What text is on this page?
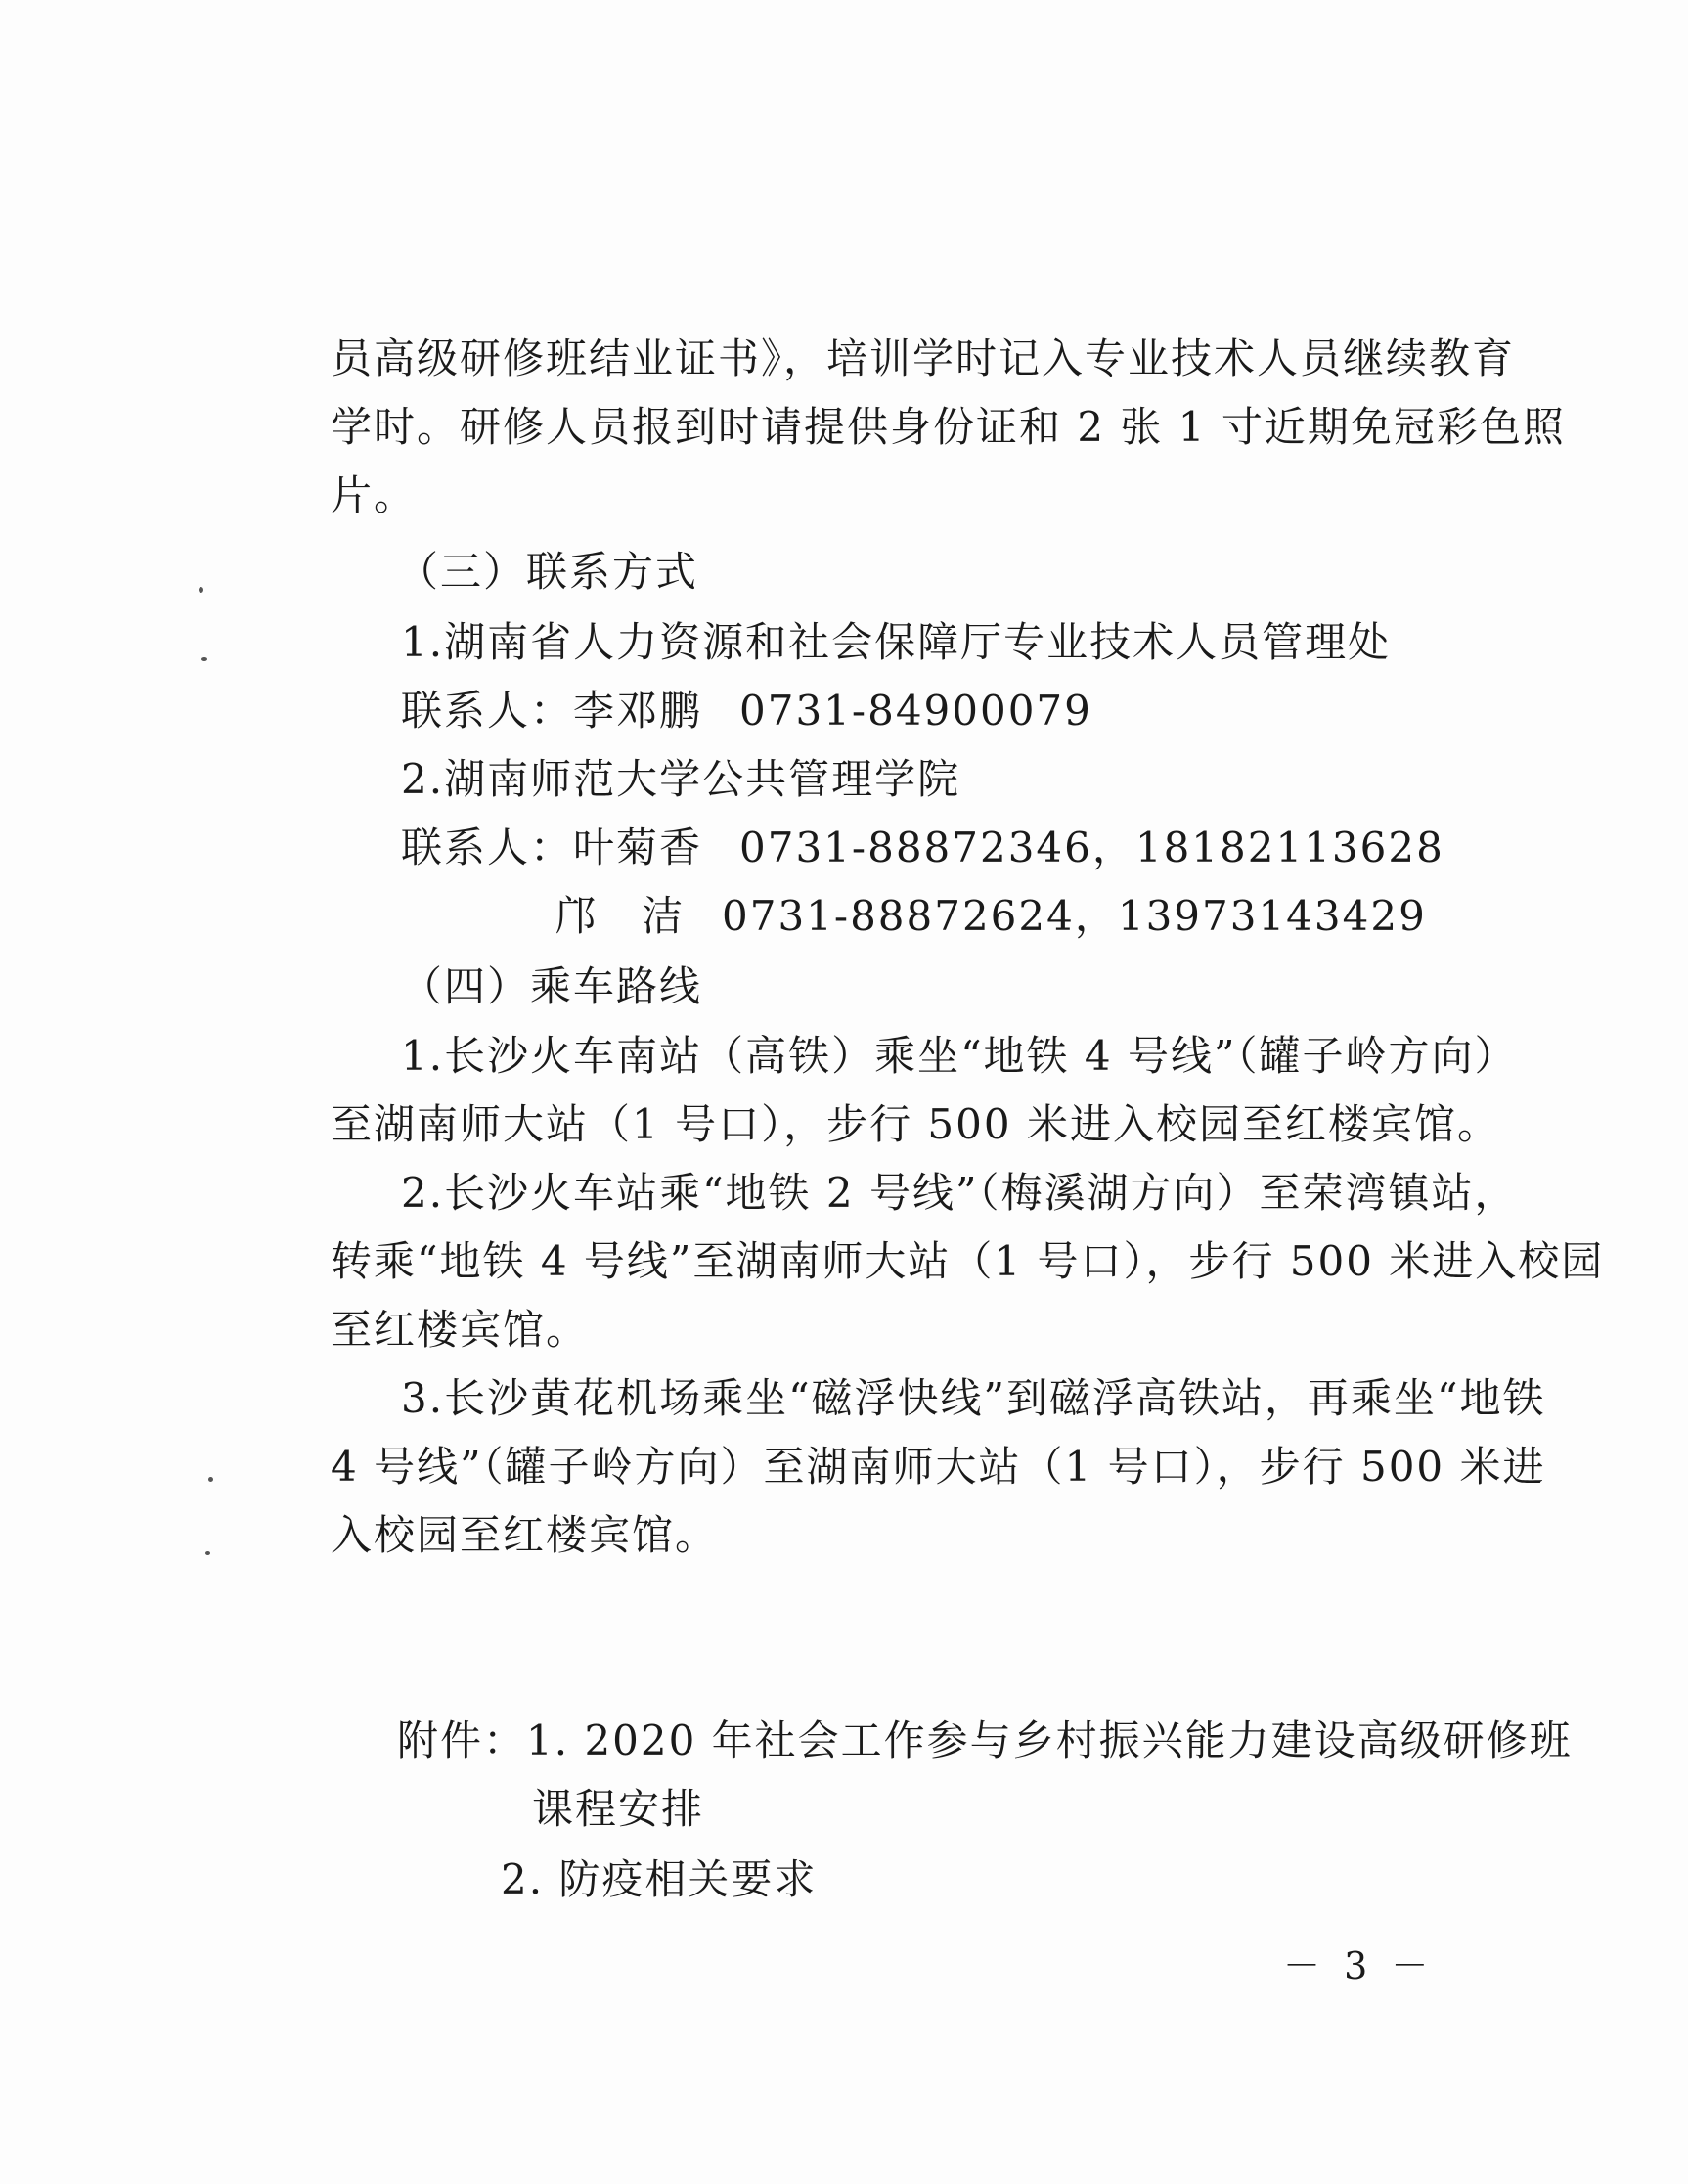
员高级研修班结业证书》，培训学时记入专业技术人员继续教育
学时。研修人员报到时请提供身份证和 2 张 1 寸近期免冠彩色照
片。
（三）联系方式
1.湖南省人力资源和社会保障厅专业技术人员管理处
联系人：李邓鹏 0731-84900079
2.湖南师范大学公共管理学院
联系人：叶菊香 0731-88872346，18182113628
邝　洁 0731-88872624，13973143429
（四）乘车路线
1.长沙火车南站（高铁）乘坐“地铁 4 号线”（罐子岭方向）
至湖南师大站（1 号口），步行 500 米进入校园至红楼宾馆。
2.长沙火车站乘“地铁 2 号线”（梅溪湖方向）至荣湾镇站，
转乘“地铁 4 号线”至湖南师大站（1 号口），步行 500 米进入校园
至红楼宾馆。
3.长沙黄花机场乘坐“磁浮快线”到磁浮高铁站，再乘坐“地铁
4 号线”（罐子岭方向）至湖南师大站（1 号口），步行 500 米进
入校园至红楼宾馆。
附件：1. 2020 年社会工作参与乡村振兴能力建设高级研修班
课程安排
2. 防疫相关要求
－ 3 －
